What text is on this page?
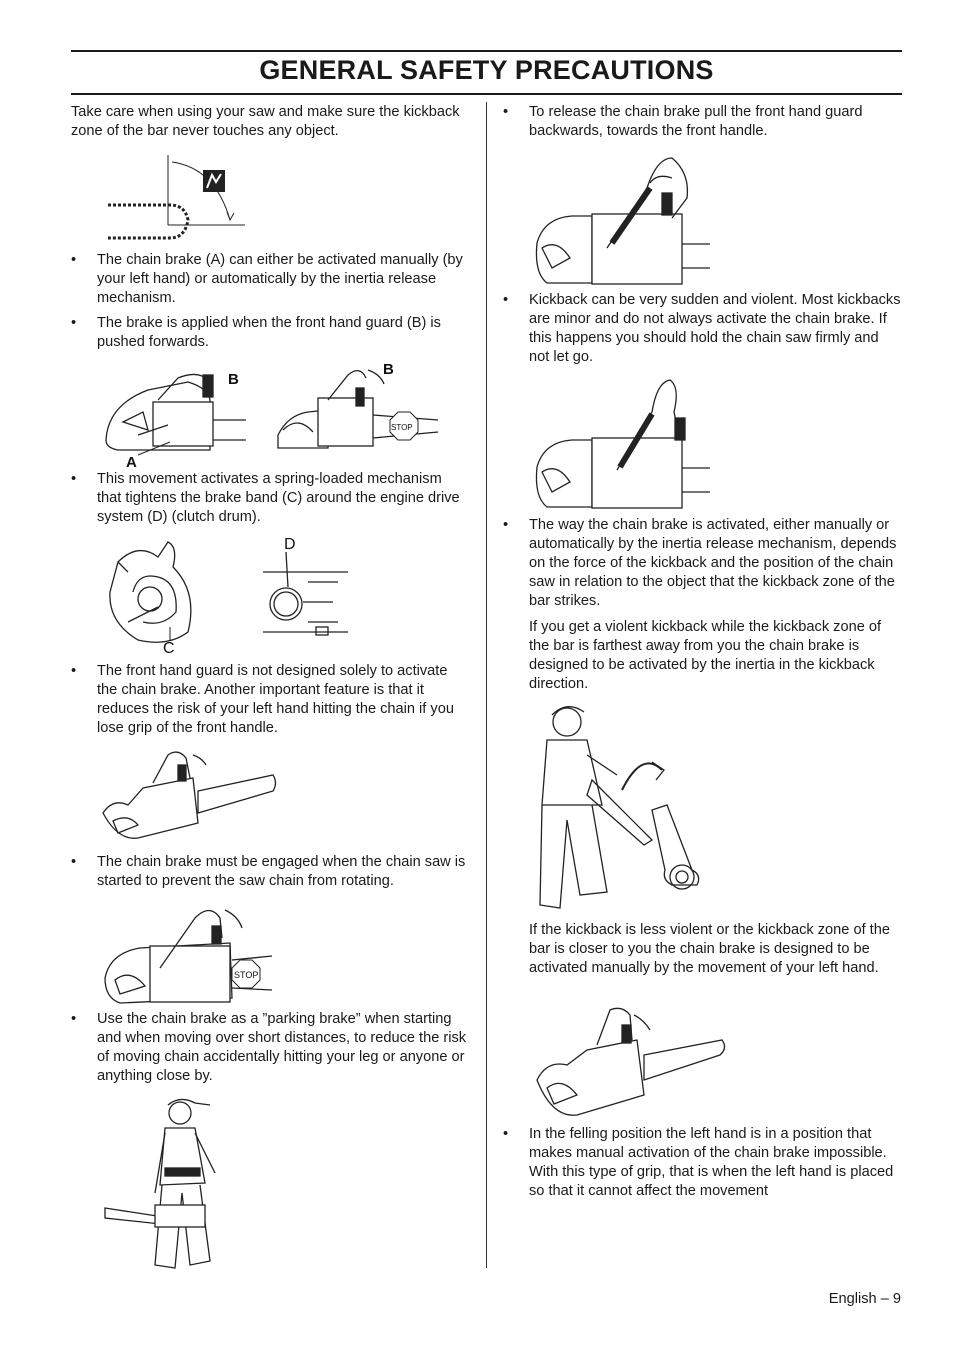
GENERAL SAFETY PRECAUTIONS

Take care when using your saw and make sure the kickback zone of the bar never touches any object.

• The chain brake (A) can either be activated manually (by your left hand) or automatically by the inertia release mechanism.
• The brake is applied when the front hand guard (B) is pushed forwards.
B
A
B
STOP
• This movement activates a spring-loaded mechanism that tightens the brake band (C) around the engine drive system (D) (clutch drum).
C
D
• The front hand guard is not designed solely to activate the chain brake. Another important feature is that it reduces the risk of your left hand hitting the chain if you lose grip of the front handle.
• The chain brake must be engaged when the chain saw is started to prevent the saw chain from rotating.
STOP
• Use the chain brake as a ”parking brake” when starting and when moving over short distances, to reduce the risk of moving chain accidentally hitting your leg or anyone or anything close by.
• To release the chain brake pull the front hand guard backwards, towards the front handle.
• Kickback can be very sudden and violent. Most kickbacks are minor and do not always activate the chain brake. If this happens you should hold the chain saw firmly and not let go.
• The way the chain brake is activated, either manually or automatically by the inertia release mechanism, depends on the force of the kickback and the position of the chain saw in relation to the object that the kickback zone of the bar strikes.

If you get a violent kickback while the kickback zone of the bar is farthest away from you the chain brake is designed to be activated by the inertia in the kickback direction.

If the kickback is less violent or the kickback zone of the bar is closer to you the chain brake is designed to be activated manually by the movement of your left hand.

• In the felling position the left hand is in a position that makes manual activation of the chain brake impossible. With this type of grip, that is when the left hand is placed so that it cannot affect the movement
English – 9
